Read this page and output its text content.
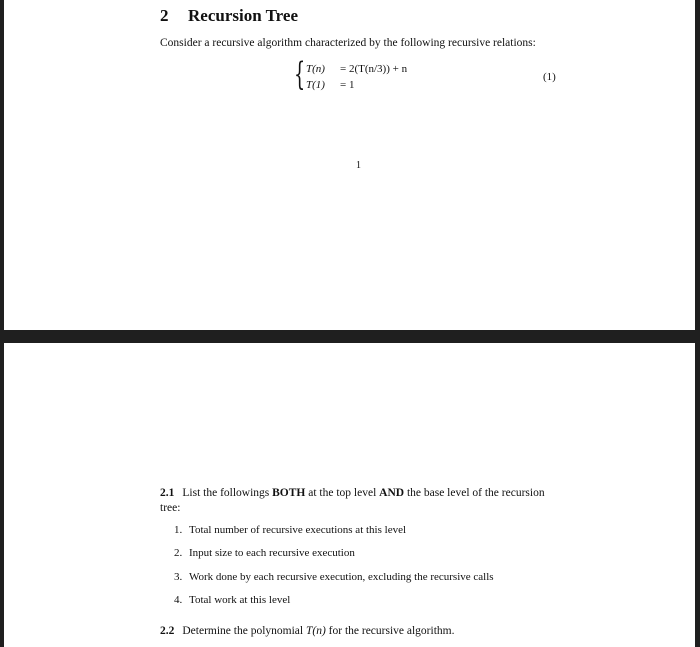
2 Recursion Tree
Consider a recursive algorithm characterized by the following recursive relations:
{ T(n) = 2(T(n/3)) + n
T(1) = 1
(1)
1
2.1 List the followings BOTH at the top level AND the base level of the recursion tree:
1. Total number of recursive executions at this level
2. Input size to each recursive execution
3. Work done by each recursive execution, excluding the recursive calls
4. Total work at this level
2.2 Determine the polynomial T(n) for the recursive algorithm.
